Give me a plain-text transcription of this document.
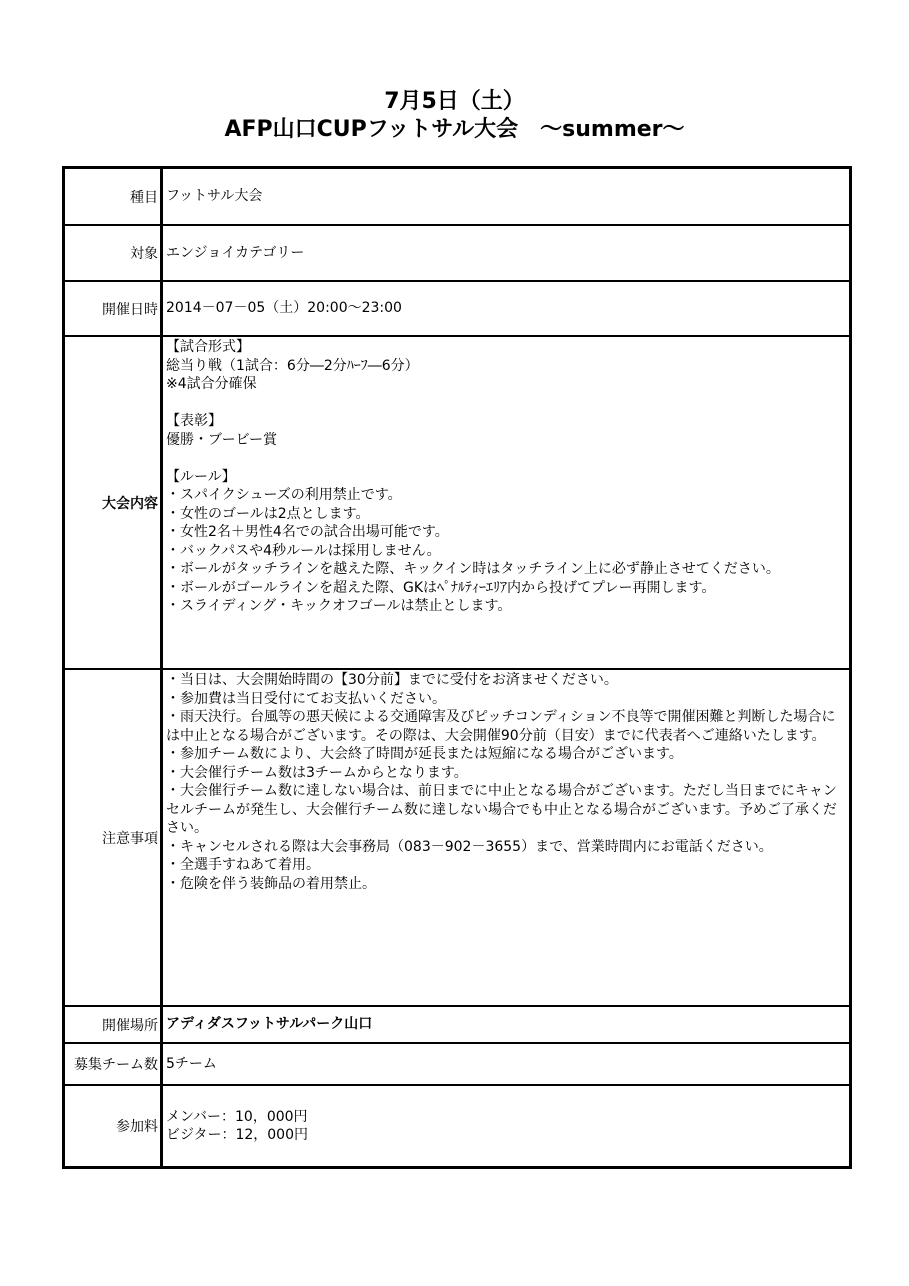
7月5日（土）
AFP山口CUPフットサル大会　～summer～
種目 フットサル大会
対象 エンジョイカテゴリー
開催日時 2014－07－05（土）20:00～23:00
大会内容
【試合形式】
総当り戦（1試合：6分―2分ﾊｰﾌ―6分）
※4試合分確保
【表彰】
優勝・ブービー賞
【ルール】
・スパイクシューズの利用禁止です。
・女性のゴールは2点とします。
・女性2名＋男性4名での試合出場可能です。
・バックパスや4秒ルールは採用しません。
・ボールがタッチラインを越えた際、キックイン時はタッチライン上に必ず静止させてください。
・ボールがゴールラインを超えた際、GKはﾍﾟﾅﾙﾃｨｰｴﾘｱ内から投げてプレー再開します。
・スライディング・キックオフゴールは禁止とします。
注意事項
・当日は、大会開始時間の【30分前】までに受付をお済ませください。
・参加費は当日受付にてお支払いください。
・雨天決行。台風等の悪天候による交通障害及びピッチコンディション不良等で開催困難と判断した場合には中止となる場合がございます。その際は、大会開催90分前（目安）までに代表者へご連絡いたします。
・参加チーム数により、大会終了時間が延長または短縮になる場合がございます。
・大会催行チーム数は3チームからとなります。
・大会催行チーム数に達しない場合は、前日までに中止となる場合がございます。ただし当日までにキャンセルチームが発生し、大会催行チーム数に達しない場合でも中止となる場合がございます。予めご了承ください。
・キャンセルされる際は大会事務局（083－902－3655）まで、営業時間内にお電話ください。
・全選手すねあて着用。
・危険を伴う装飾品の着用禁止。
開催場所 アディダスフットサルパーク山口
募集チーム数 5チーム
参加料
メンバー：10，000円
ビジター：12，000円
